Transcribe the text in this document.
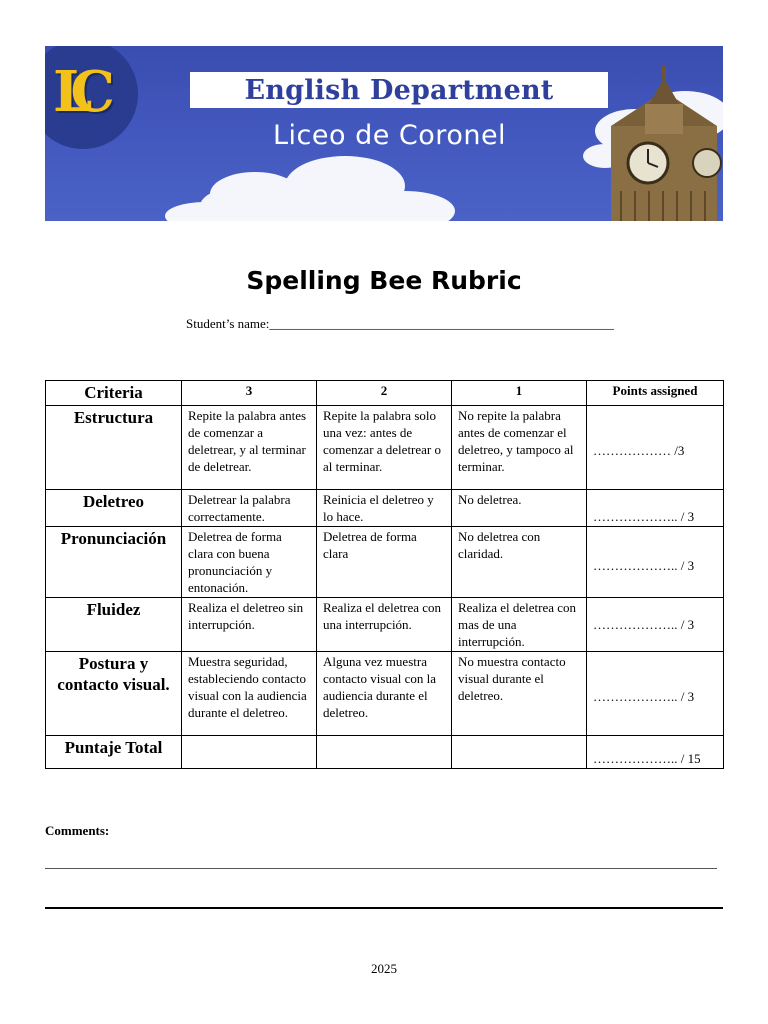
LC	English Department
Liceo de Coronel
Spelling Bee Rubric
Student’s name:_____________________________________________________
Criteria	3	2	1	Points assigned
Estructura	Repite la palabra antes de comenzar a deletrear, y al terminar de deletrear.	Repite la palabra solo una vez: antes de comenzar a deletrear o al terminar.	No repite la palabra antes de comenzar el deletreo, y tampoco al terminar.	……………… /3

Deletreo	Deletrear la palabra correctamente.	Reinicia el deletreo y lo hace.	No deletrea.	……………….. / 3
Pronunciación	Deletrea de forma clara con buena pronunciación y entonación.	Deletrea de forma clara	No deletrea con claridad.	……………….. / 3

Fluidez	Realiza el deletreo sin interrupción.	Realiza el deletrea con una interrupción.	Realiza el deletrea con mas de una interrupción.	……………….. / 3
Postura y contacto visual.	Muestra seguridad, estableciendo contacto visual con la audiencia durante el deletreo.	Alguna vez muestra contacto visual con la audiencia durante el deletreo.	No muestra contacto visual durante el deletreo.	……………….. / 3

Puntaje Total				……………….. / 15
Comments:
2025
